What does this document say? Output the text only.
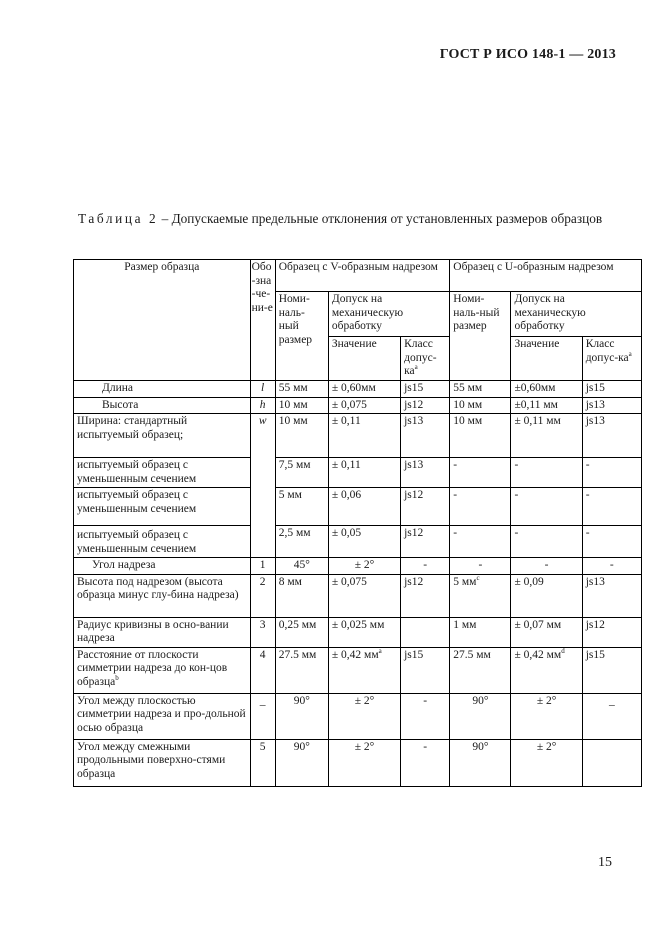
ГОСТ Р ИСО 148-1 — 2013
Таблица 2 – Допускаемые предельные отклонения от установленных размеров образцов
Размер образца	Обо-зна-че-ни-е	Образец с V-образным надрезом			Образец с U-образным надрезом		
		Номи-наль-ный размер	Допуск на механическую обработку		Номи-наль-ный размер	Допуск на механическую обработку	
			Значение	Класс допус-$ка^а$		Значение	Класс допус-$ка^а$

Длина	l	55 мм	± 0,60мм	js15	55 мм	±0,60мм	js15
Высота	h	10 мм	± 0,075	js12	10 мм	±0,11 мм	js13
Ширина: стандартный испытуемый образец;	w	10 мм	± 0,11	js13	10 мм	± 0,11 мм	js13
испытуемый образец с уменьшенным сечением		7,5 мм	± 0,11	js13	-	-	-
испытуемый образец с уменьшенным сечением		5 мм	± 0,06	js12	-	-	-
испытуемый образец с уменьшенным сечением		2,5 мм	± 0,05	js12	-	-	-
Угол надреза	1	45°	± 2°	-	-	-	-
Высота под надрезом (высота образца минус глу-бина надреза)	2	8 мм	± 0,075	js12	5 $мм^с$	± 0,09	js13
Радиус кривизны в осно-вании надреза	3	0,25 мм	± 0,025 мм		1 мм	± 0,07 мм	js12
Расстояние от плоскости симметрии надреза до кон-цов образца$^b$	4	27.5 мм	± 0,42 $мм^а$	js15	27.5 мм	± 0,42 $мм^d$	js15
Угол между плоскостью симметрии надреза и про-дольной осью образца	_	90°	± 2°	-	90°	± 2°	_
Угол между смежными продольными поверхно-стями образца	5	90°	± 2°	-	90°	± 2°	
15
